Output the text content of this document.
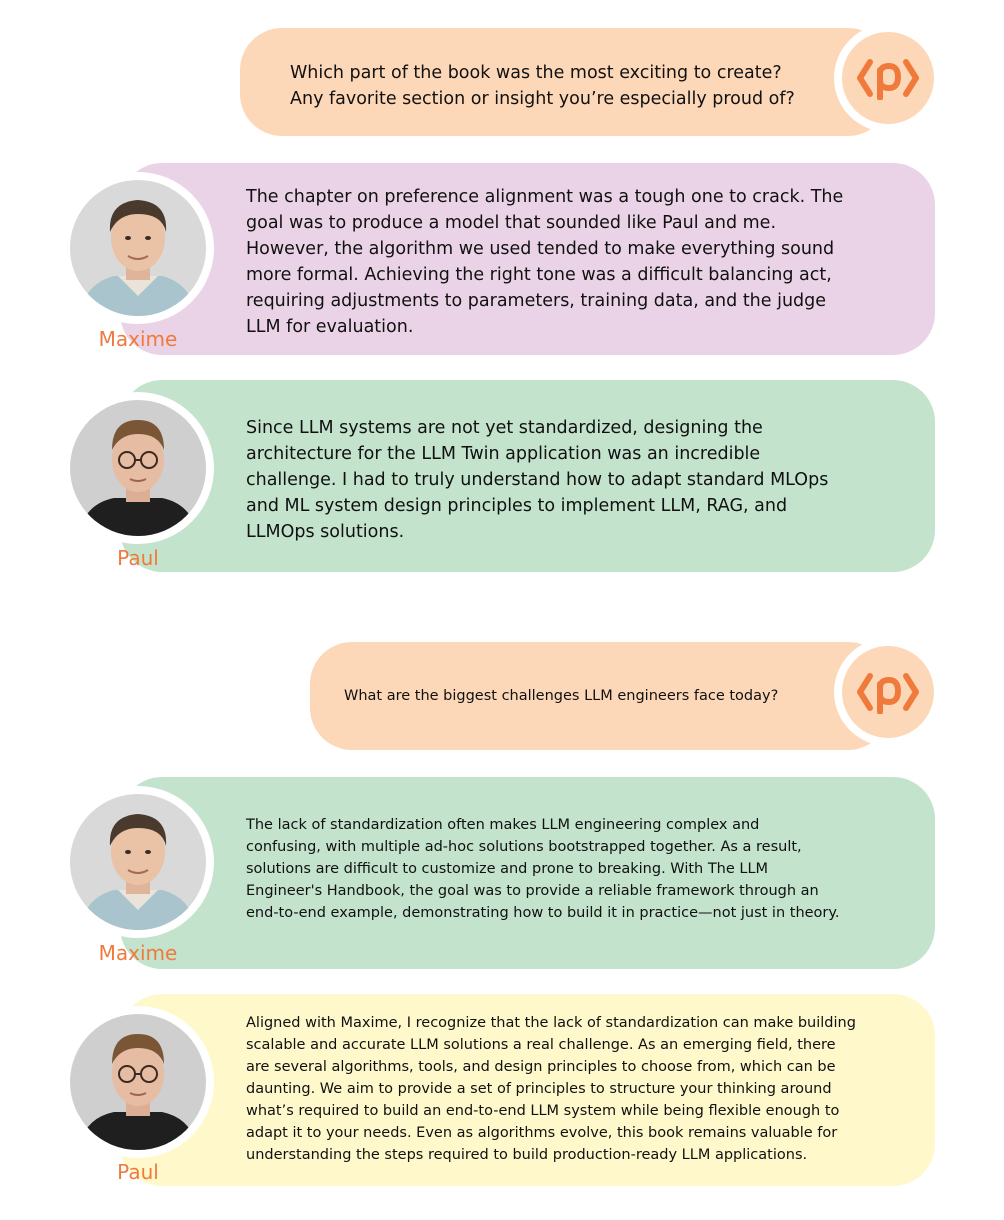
Which part of the book was the most exciting to create?
Any favorite section or insight you’re especially proud of?
Maxime
The chapter on preference alignment was a tough one to crack. The
goal was to produce a model that sounded like Paul and me.
However, the algorithm we used tended to make everything sound
more formal. Achieving the right tone was a difficult balancing act,
requiring adjustments to parameters, training data, and the judge
LLM for evaluation.
Paul
Since LLM systems are not yet standardized, designing the
architecture for the LLM Twin application was an incredible
challenge. I had to truly understand how to adapt standard MLOps
and ML system design principles to implement LLM, RAG, and
LLMOps solutions.
What are the biggest challenges LLM engineers face today?
Maxime
The lack of standardization often makes LLM engineering complex and
confusing, with multiple ad-hoc solutions bootstrapped together. As a result,
solutions are difficult to customize and prone to breaking. With The LLM
Engineer's Handbook, the goal was to provide a reliable framework through an
end-to-end example, demonstrating how to build it in practice—not just in theory.
Paul
Aligned with Maxime, I recognize that the lack of standardization can make building
scalable and accurate LLM solutions a real challenge. As an emerging field, there
are several algorithms, tools, and design principles to choose from, which can be
daunting. We aim to provide a set of principles to structure your thinking around
what’s required to build an end-to-end LLM system while being flexible enough to
adapt it to your needs. Even as algorithms evolve, this book remains valuable for
understanding the steps required to build production-ready LLM applications.
